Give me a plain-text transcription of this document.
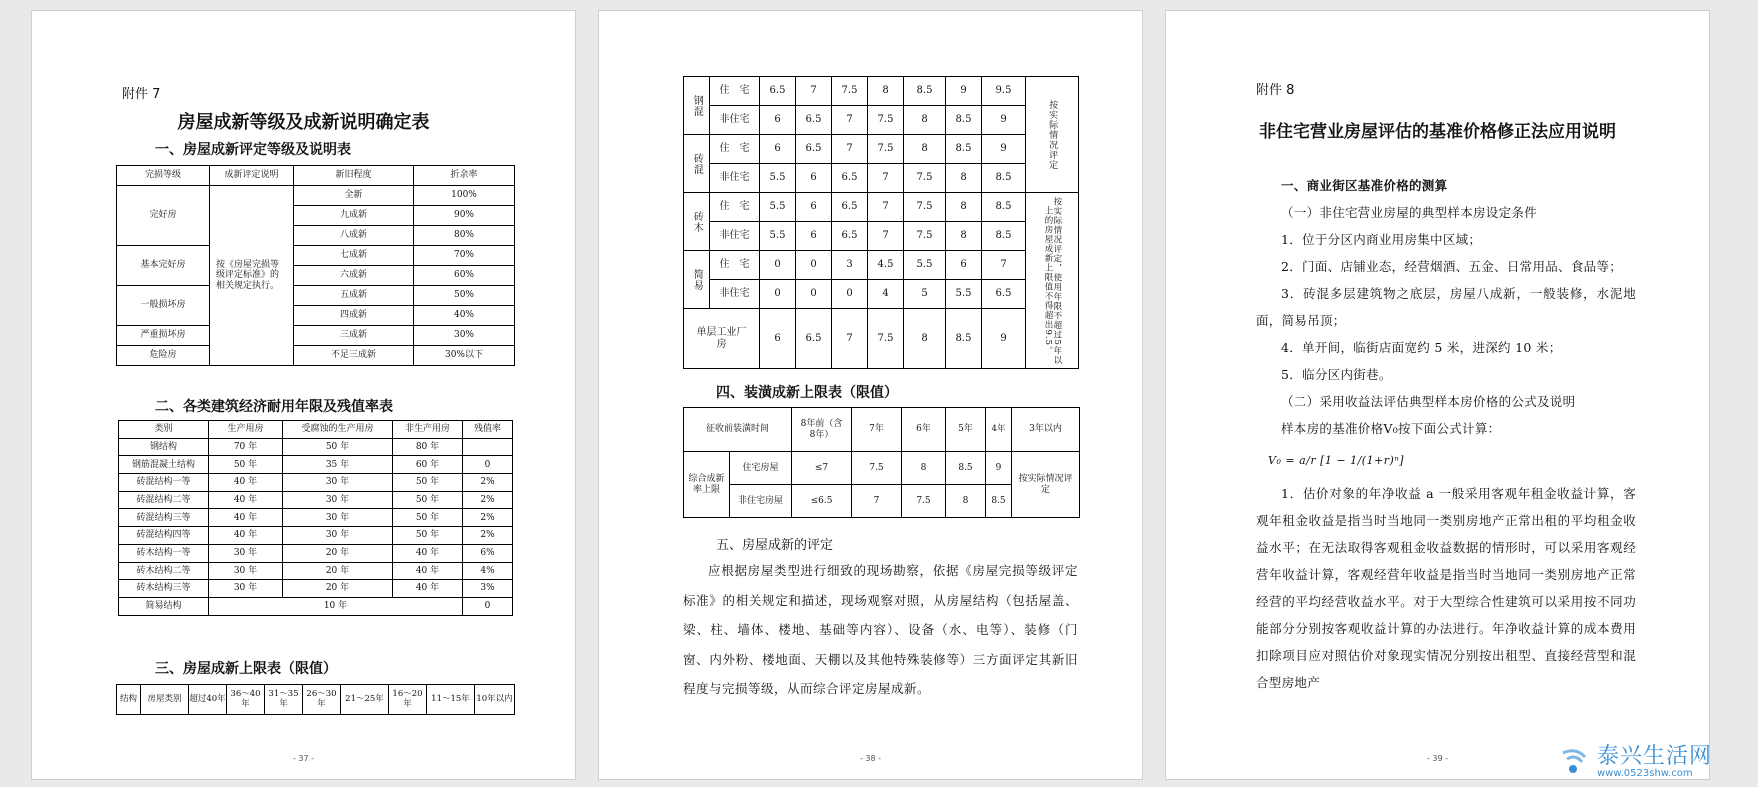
附件 7
房屋成新等级及成新说明确定表
一、房屋成新评定等级及说明表
完损等级	成新评定说明	新旧程度	折余率
完好房	按《房屋完损等级评定标准》的相关规定执行。	全新	100%
		九成新	90%
		八成新	80%
基本完好房		七成新	70%
		六成新	60%
一般损坏房		五成新	50%
		四成新	40%
严重损坏房		三成新	30%
危险房		不足三成新	30%以下
二、各类建筑经济耐用年限及残值率表
类别	生产用房	受腐蚀的生产用房	非生产用房	残值率
钢结构	70 年	50 年	80 年	
钢筋混凝土结构	50 年	35 年	60 年	0
砖混结构一等	40 年	30 年	50 年	2%
砖混结构二等	40 年	30 年	50 年	2%
砖混结构三等	40 年	30 年	50 年	2%
砖混结构四等	40 年	30 年	50 年	2%
砖木结构一等	30 年	20 年	40 年	6%
砖木结构二等	30 年	20 年	40 年	4%
砖木结构三等	30 年	20 年	40 年	3%
简易结构	10 年			0
三、房屋成新上限表（限值）
结构	房屋类别	超过40年	36～40年	31～35年	26～30年	21～25年	16～20年	11～15年	10年以内
- 37 -
钢混	住　宅	6.5	7	7.5	8	8.5	9	9.5	按实际情况评定
	非住宅	6	6.5	7	7.5	8	8.5	9	
砖混	住　宅	6	6.5	7	7.5	8	8.5	9	
	非住宅	5.5	6	6.5	7	7.5	8	8.5	
砖木	住　宅	5.5	6	6.5	7	7.5	8	8.5	按实际情况评定，使用年限不超过5年以上的房屋成新上限值不得超出9.5。
	非住宅	5.5	6	6.5	7	7.5	8	8.5	
简易	住　宅	0	0	3	4.5	5.5	6	7	
	非住宅	0	0	0	4	5	5.5	6.5	
单层工业厂房		6	6.5	7	7.5	8	8.5	9	
四、装潢成新上限表（限值）
征收前装潢时间		8年前（含8年）	7年	6年	5年	4年	3年以内
综合成新率上限	住宅房屋	≤7	7.5	8	8.5	9	按实际情况评定
	非住宅房屋	≤6.5	7	7.5	8	8.5	
五、房屋成新的评定

应根据房屋类型进行细致的现场勘察，依据《房屋完损等级评定标准》的相关规定和描述，现场观察对照，从房屋结构（包括屋盖、梁、柱、墙体、楼地、基础等内容）、设备（水、电等）、装修（门窗、内外粉、楼地面、天棚以及其他特殊装修等）三方面评定其新旧程度与完损等级，从而综合评定房屋成新。

- 38 -
附件 8
非住宅营业房屋评估的基准价格修正法应用说明

一、商业街区基准价格的测算

（一）非住宅营业房屋的典型样本房设定条件

1．位于分区内商业用房集中区域；

2．门面、店铺业态，经营烟酒、五金、日常用品、食品等；

3．砖混多层建筑物之底层，房屋八成新，一般装修，水泥地面，简易吊顶；

4．单开间，临街店面宽约 5 米，进深约 10 米；

5．临分区内街巷。

（二）采用收益法评估典型样本房价格的公式及说明

样本房的基准价格V₀按下面公式计算：

V₀ = a/r [1 − 1/(1+r)ⁿ]

1．估价对象的年净收益 a 一般采用客观年租金收益计算，客观年租金收益是指当时当地同一类别房地产正常出租的平均租金收益水平；在无法取得客观租金收益数据的情形时，可以采用客观经营年收益计算，客观经营年收益是指当时当地同一类别房地产正常经营的平均经营收益水平。对于大型综合性建筑可以采用按不同功能部分分别按客观收益计算的办法进行。年净收益计算的成本费用扣除项目应对照估价对象现实情况分别按出租型、直接经营型和混合型房地产

- 39 -	泰兴生活网
www.0523shw.com
